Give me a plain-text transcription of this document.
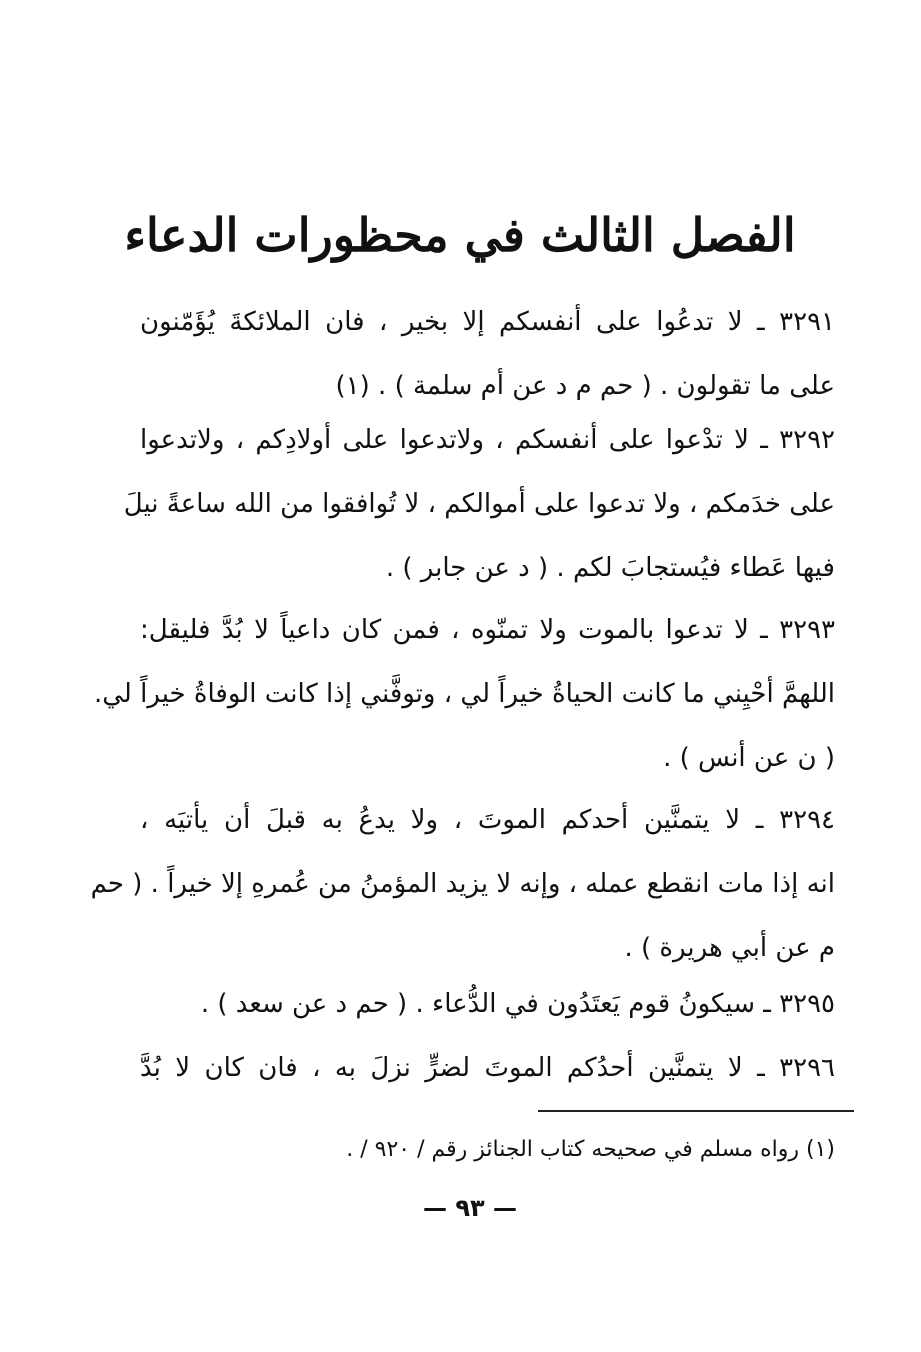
الفصل الثالث في محظورات الدعاء

٣٢٩١ ـ لا تدعُوا على أنفسكم إلا بخير ، فان الملائكةَ يُؤَمّنون
على ما تقولون . ( حم م د عن أم سلمة ) . (١)

٣٢٩٢ ـ لا تدْعوا على أنفسكم ، ولاتدعوا على أولادِكم ، ولاتدعوا
على خدَمكم ، ولا تدعوا على أموالكم ، لا تُوافقوا من الله ساعةً نيلَ
فيها عَطاء فيُستجابَ لكم . ( د عن جابر ) .

٣٢٩٣ ـ لا تدعوا بالموت ولا تمنّوه ، فمن كان داعياً لا بُدَّ فليقل:
اللهمَّ أحْيِني ما كانت الحياةُ خيراً لي ، وتوفَّني إذا كانت الوفاةُ خيراً لي.
( ن عن أنس ) .

٣٢٩٤ ـ لا يتمنَّين أحدكم الموتَ ، ولا يدعُ به قبلَ أن يأتيَه ،
انه إذا مات انقطع عمله ، وإنه لا يزيد المؤمنُ من عُمرهِ إلا خيراً . ( حم
م عن أبي هريرة ) .

٣٢٩٥ ـ سيكونُ قوم يَعتَدُون في الدُّعاء . ( حم د عن سعد ) .

٣٢٩٦ ـ لا يتمنَّين أحدُكم الموتَ لضرٍّ نزلَ به ، فان كان لا بُدَّ

(١) رواه مسلم في صحيحه كتاب الجنائز رقم / ٩٢٠ / .
— ٩٣ —
